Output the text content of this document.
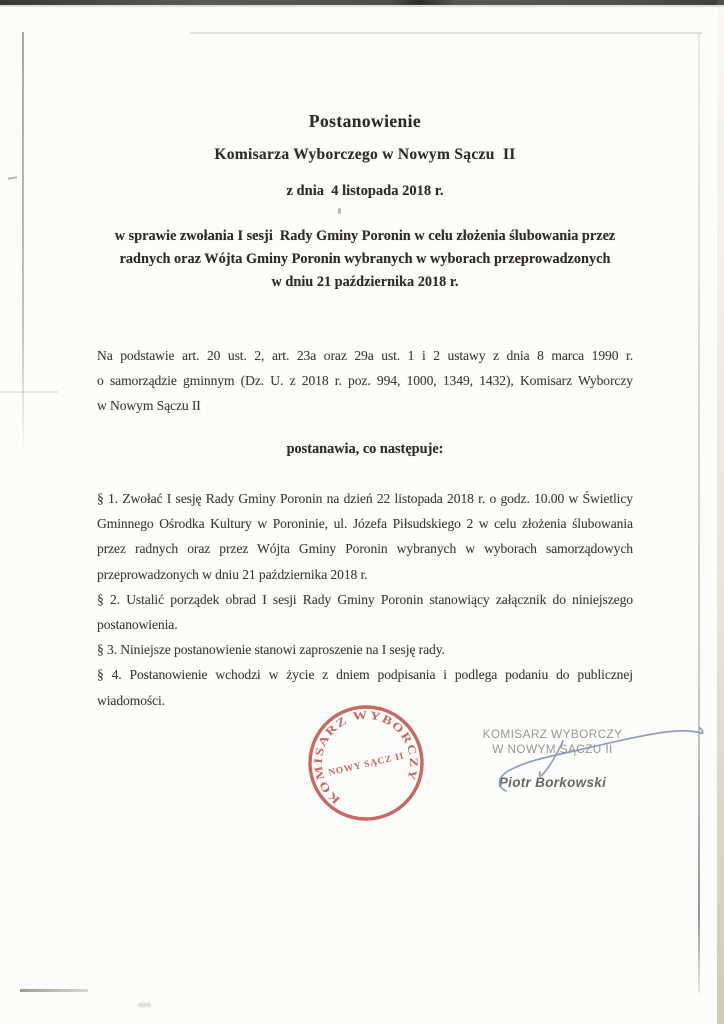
Postanowienie
Komisarza Wyborczego w Nowym Sączu  II
z dnia  4 listopada 2018 r.
w sprawie zwołania I sesji  Rady Gminy Poronin w celu złożenia ślubowania przez
radnych oraz Wójta Gminy Poronin wybranych w wyborach przeprowadzonych
w dniu 21 października 2018 r.
Na podstawie art. 20 ust. 2, art. 23a oraz 29a ust. 1 i 2 ustawy z dnia 8 marca 1990 r.
o samorządzie gminnym (Dz. U. z 2018 r. poz. 994, 1000, 1349, 1432), Komisarz Wyborczy
w Nowym Sączu II
postanawia, co następuje:
§ 1. Zwołać I sesję Rady Gminy Poronin na dzień 22 listopada 2018 r. o godz. 10.00 w Świetlicy
Gminnego Ośrodka Kultury w Poroninie, ul. Józefa Piłsudskiego 2 w celu złożenia ślubowania
przez radnych oraz przez Wójta Gminy Poronin wybranych w wyborach samorządowych
przeprowadzonych w dniu 21 października 2018 r.
§ 2. Ustalić porządek obrad I sesji Rady Gminy Poronin stanowiący załącznik do niniejszego
postanowienia.
§ 3. Niniejsze postanowienie stanowi zaproszenie na I sesję rady.
§ 4. Postanowienie wchodzi w życie z dniem podpisania i podlega podaniu do publicznej
wiadomości.
KOMISARZ WYBORCZY
NOWY SĄCZ II
KOMISARZ WYBORCZY
W NOWYM SĄCZU II
Piotr Borkowski
